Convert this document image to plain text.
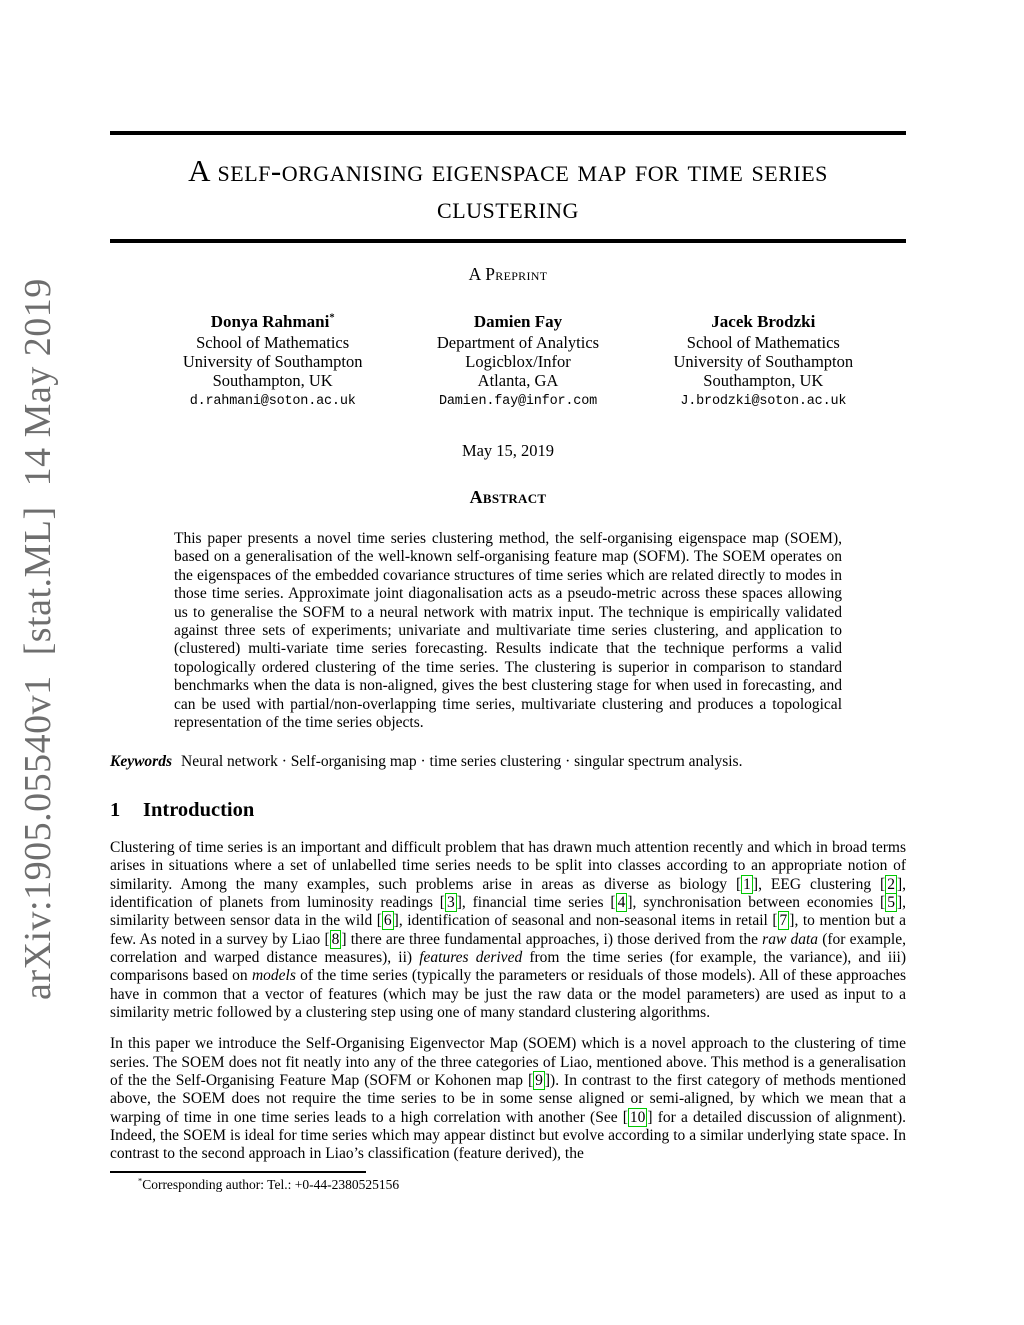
arXiv:1905.05540v1  [stat.ML]  14 May 2019
A self-organising eigenspace map for time series clustering
A Preprint
Donya Rahmani*
School of Mathematics
University of Southampton
Southampton, UK
d.rahmani@soton.ac.uk
Damien Fay
Department of Analytics
Logicblox/Infor
Atlanta, GA
Damien.fay@infor.com
Jacek Brodzki
School of Mathematics
University of Southampton
Southampton, UK
J.brodzki@soton.ac.uk
May 15, 2019
Abstract
This paper presents a novel time series clustering method, the self-organising eigenspace map (SOEM), based on a generalisation of the well-known self-organising feature map (SOFM). The SOEM operates on the eigenspaces of the embedded covariance structures of time series which are related directly to modes in those time series. Approximate joint diagonalisation acts as a pseudo-metric across these spaces allowing us to generalise the SOFM to a neural network with matrix input. The technique is empirically validated against three sets of experiments; univariate and multivariate time series clustering, and application to (clustered) multi-variate time series forecasting. Results indicate that the technique performs a valid topologically ordered clustering of the time series. The clustering is superior in comparison to standard benchmarks when the data is non-aligned, gives the best clustering stage for when used in forecasting, and can be used with partial/non-overlapping time series, multivariate clustering and produces a topological representation of the time series objects.
Keywords Neural network · Self-organising map · time series clustering · singular spectrum analysis.
1 Introduction
Clustering of time series is an important and difficult problem that has drawn much attention recently and which in broad terms arises in situations where a set of unlabelled time series needs to be split into classes according to an appropriate notion of similarity. Among the many examples, such problems arise in areas as diverse as biology [ 1 ], EEG clustering [ 2 ], identification of planets from luminosity readings [ 3 ], financial time series [ 4 ], synchronisation between economies [ 5 ], similarity between sensor data in the wild [ 6 ], identification of seasonal and non-seasonal items in retail [ 7 ], to mention but a few. As noted in a survey by Liao [ 8 ] there are three fundamental approaches, i) those derived from the raw data (for example, correlation and warped distance measures), ii) features derived from the time series (for example, the variance), and iii) comparisons based on models of the time series (typically the parameters or residuals of those models). All of these approaches have in common that a vector of features (which may be just the raw data or the model parameters) are used as input to a similarity metric followed by a clustering step using one of many standard clustering algorithms.
In this paper we introduce the Self-Organising Eigenvector Map (SOEM) which is a novel approach to the clustering of time series. The SOEM does not fit neatly into any of the three categories of Liao, mentioned above. This method is a generalisation of the the Self-Organising Feature Map (SOFM or Kohonen map [ 9 ]). In contrast to the first category of methods mentioned above, the SOEM does not require the time series to be in some sense aligned or semi-aligned, by which we mean that a warping of time in one time series leads to a high correlation with another (See [ 10 ] for a detailed discussion of alignment). Indeed, the SOEM is ideal for time series which may appear distinct but evolve according to a similar underlying state space. In contrast to the second approach in Liao’s classification (feature derived), the
*Corresponding author: Tel.: +0-44-2380525156
